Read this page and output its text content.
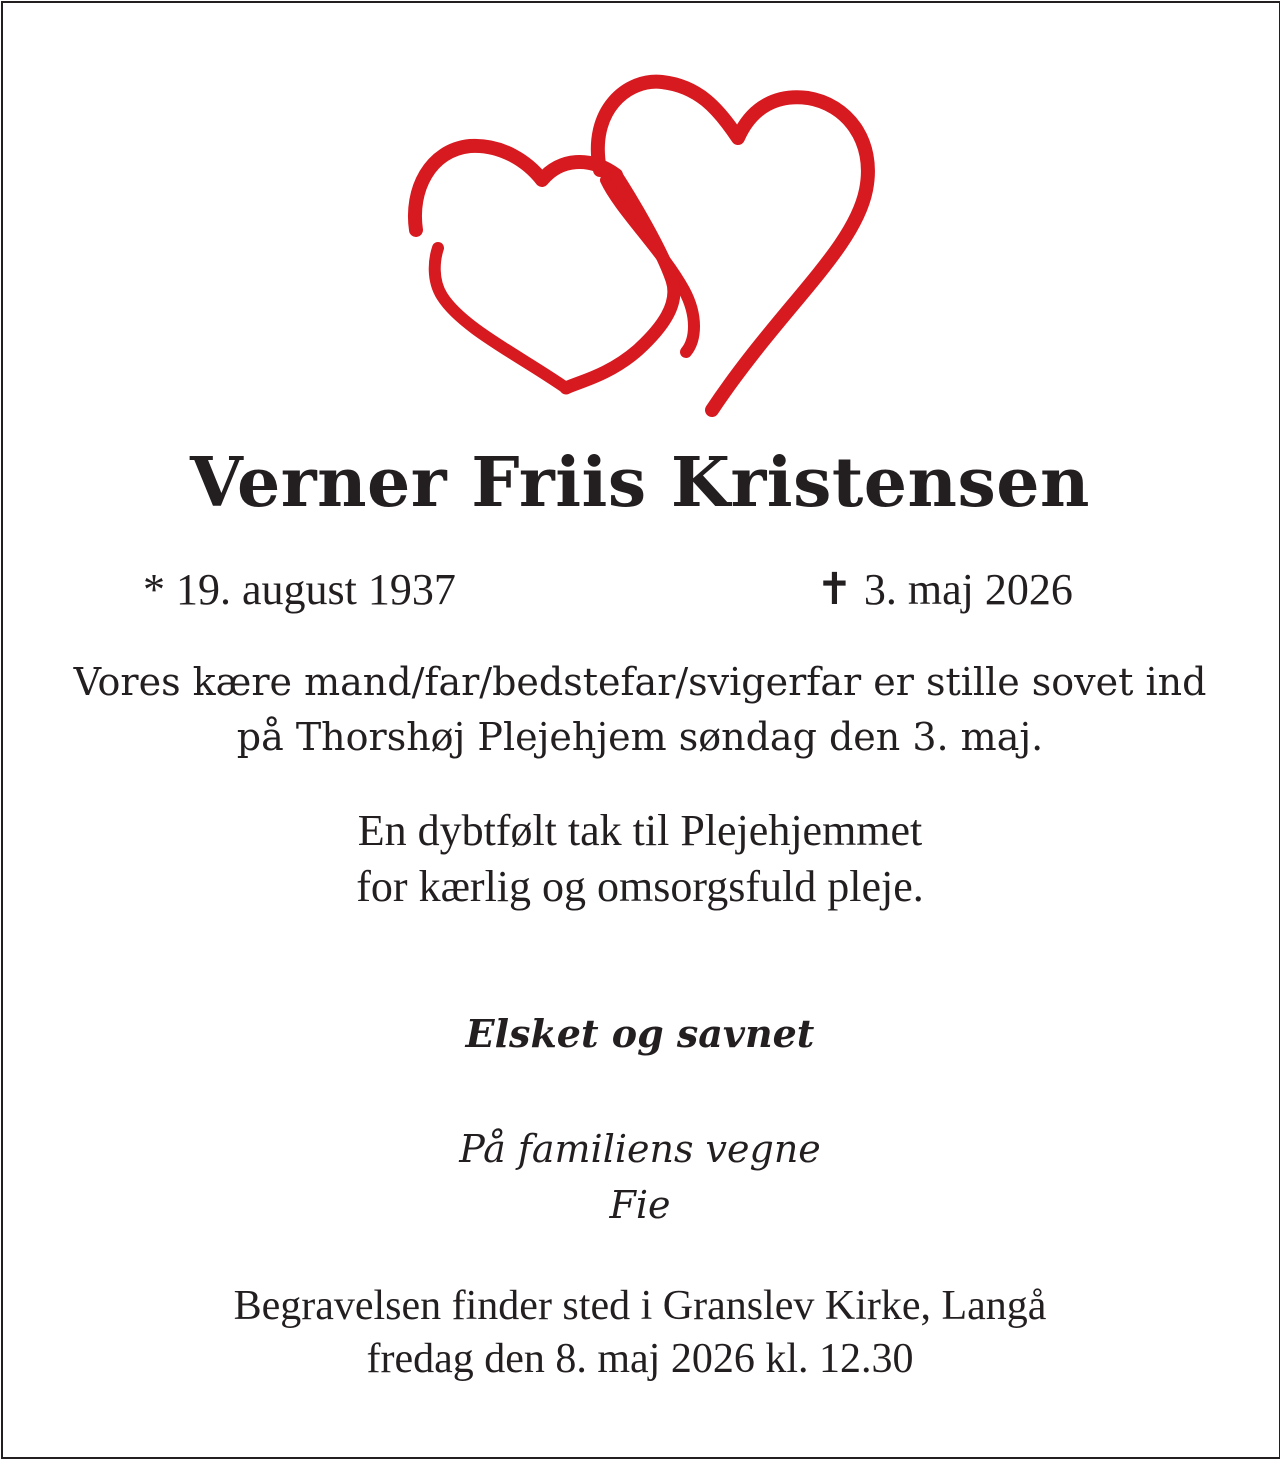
Verner Friis Kristensen
* 19. august 1937	✝ 3. maj 2026

Vores kære mand/far/bedstefar/svigerfar er stille sovet ind

på Thorshøj Plejehjem søndag den 3. maj.

En dybtfølt tak til Plejehjemmet

for kærlig og omsorgsfuld pleje.

Elsket og savnet

På familiens vegne

Fie

Begravelsen finder sted i Granslev Kirke, Langå

fredag den 8. maj 2026 kl. 12.30
